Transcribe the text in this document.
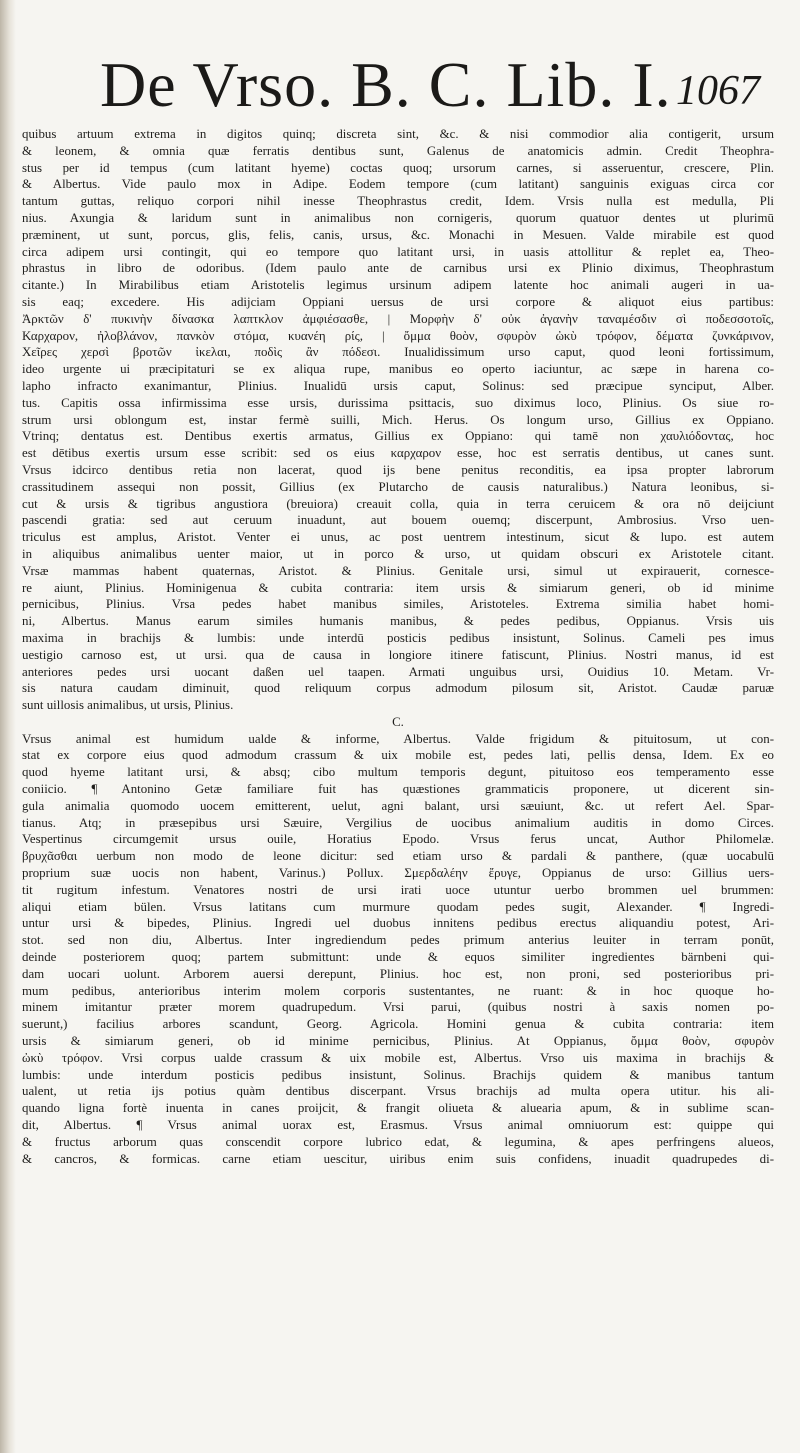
De Vrso. B. C. Lib. I. 1067
quibus artuum extrema in digitos quinq; discreta sint, &c. & nisi commodior alia contigerit, ursum
& leonem, & omnia quæ ferratis dentibus sunt, Galenus de anatomicis admin. Credit Theophra-
stus per id tempus (cum latitant hyeme) coctas quoq; ursorum carnes, si asseruentur, crescere, Plin.
& Albertus. Vide paulo mox in Adipe. Eodem tempore (cum latitant) sanguinis exiguas circa cor
tantum guttas, reliquo corpori nihil inesse Theophrastus credit, Idem. Vrsis nulla est medulla, Pli
nius. Axungia & laridum sunt in animalibus non cornigeris, quorum quatuor dentes ut plurimū
præminent, ut sunt, porcus, glis, felis, canis, ursus, &c. Monachi in Mesuen. Valde mirabile est quod
circa adipem ursi contingit, qui eo tempore quo latitant ursi, in uasis attollitur & replet ea, Theo-
phrastus in libro de odoribus. (Idem paulo ante de carnibus ursi ex Plinio diximus, Theophrastum
citante.) In Mirabilibus etiam Aristotelis legimus ursinum adipem latente hoc animali augeri in ua-
sis eaq; excedere. His adijciam Oppiani uersus de ursi corpore & aliquot eius partibus:
Ἀρκτῶν δ' πυκινὴν δίνασκα λαπτκλον ἀμφιέσασθε, | Μορφὴν δ' οὐκ ἀγανὴν ταναμέσδιν σὶ ποδεσσοτοῖς,
Καρχαρον, ἠλοβλάνον, πανκὸν στόμα, κυανέη ρίς, | ὄμμα θοὸν, σφυρὸν ὠκὺ τρόφον, δέματα ζυνκάρινον,
Χεῖρες χερσὶ βροτῶν ἰκελαι, ποδὶς ἂν πόδεσι. Inualidissimum urso caput, quod leoni fortissimum,
ideo urgente ui præcipitaturi se ex aliqua rupe, manibus eo operto iaciuntur, ac sæpe in harena co-
lapho infracto exanimantur, Plinius. Inualidū ursis caput, Solinus: sed præcipue synciput, Alber.
tus. Capitis ossa infirmissima esse ursis, durissima psittacis, suo diximus loco, Plinius. Os siue ro-
strum ursi oblongum est, instar fermè suilli, Mich. Herus. Os longum urso, Gillius ex Oppiano.
Vtrinq; dentatus est. Dentibus exertis armatus, Gillius ex Oppiano: qui tamē non χαυλιόδοντας, hoc
est dētibus exertis ursum esse scribit: sed os eius καρχαρον esse, hoc est serratis dentibus, ut canes sunt.
Vrsus idcirco dentibus retia non lacerat, quod ijs bene penitus reconditis, ea ipsa propter labrorum
crassitudinem assequi non possit, Gillius (ex Plutarcho de causis naturalibus.) Natura leonibus, si-
cut & ursis & tigribus angustiora (breuiora) creauit colla, quia in terra ceruicem & ora nō deijciunt
pascendi gratia: sed aut ceruum inuadunt, aut bouem ouemq; discerpunt, Ambrosius. Vrso uen-
triculus est amplus, Aristot. Venter ei unus, ac post uentrem intestinum, sicut & lupo. est autem
in aliquibus animalibus uenter maior, ut in porco & urso, ut quidam obscuri ex Aristotele citant.
Vrsæ mammas habent quaternas, Aristot. & Plinius. Genitale ursi, simul ut expirauerit, cornesce-
re aiunt, Plinius. Hominigenua & cubita contraria: item ursis & simiarum generi, ob id minime
pernicibus, Plinius. Vrsa pedes habet manibus similes, Aristoteles. Extrema similia habet homi-
ni, Albertus. Manus earum similes humanis manibus, & pedes pedibus, Oppianus. Vrsis uis
maxima in brachijs & lumbis: unde interdū posticis pedibus insistunt, Solinus. Cameli pes imus
uestigio carnoso est, ut ursi. qua de causa in longiore itinere fatiscunt, Plinius. Nostri manus, id est
anteriores pedes ursi uocant daßen uel taapen. Armati unguibus ursi, Ouidius 10. Metam. Vr-
sis natura caudam diminuit, quod reliquum corpus admodum pilosum sit, Aristot. Caudæ paruæ
sunt uillosis animalibus, ut ursis, Plinius.
C.
Vrsus animal est humidum ualde & informe, Albertus. Valde frigidum & pituitosum, ut con-
stat ex corpore eius quod admodum crassum & uix mobile est, pedes lati, pellis densa, Idem. Ex eo
quod hyeme latitant ursi, & absq; cibo multum temporis degunt, pituitoso eos temperamento esse
coniicio. ¶ Antonino Getæ familiare fuit has quæstiones grammaticis proponere, ut dicerent sin-
gula animalia quomodo uocem emitterent, uelut, agni balant, ursi sæuiunt, &c. ut refert Ael. Spar-
tianus. Atq; in præsepibus ursi Sæuire, Vergilius de uocibus animalium auditis in domo Circes.
Vespertinus circumgemit ursus ouile, Horatius Epodo. Vrsus ferus uncat, Author Philomelæ.
βρυχᾶσθαι uerbum non modo de leone dicitur: sed etiam urso & pardali & panthere, (quæ uocabulū
proprium suæ uocis non habent, Varinus.) Pollux. Σμερδαλέην ἔρυγε, Oppianus de urso: Gillius uers-
tit rugitum infestum. Venatores nostri de ursi irati uoce utuntur uerbo brommen uel brummen:
aliqui etiam bülen. Vrsus latitans cum murmure quodam pedes sugit, Alexander. ¶ Ingredi-
untur ursi & bipedes, Plinius. Ingredi uel duobus innitens pedibus erectus aliquandiu potest, Ari-
stot. sed non diu, Albertus. Inter ingrediendum pedes primum anterius leuiter in terram ponūt,
deinde posteriorem quoq; partem submittunt: unde & equos similiter ingredientes bärnbeni qui-
dam uocari uolunt. Arborem auersi derepunt, Plinius. hoc est, non proni, sed posterioribus pri-
mum pedibus, anterioribus interim molem corporis sustentantes, ne ruant: & in hoc quoque ho-
minem imitantur præter morem quadrupedum. Vrsi parui, (quibus nostri à saxis nomen po-
suerunt,) facilius arbores scandunt, Georg. Agricola. Homini genua & cubita contraria: item
ursis & simiarum generi, ob id minime pernicibus, Plinius. At Oppianus, ὄμμα θοὸν, σφυρὸν
ὠκὺ τρόφον. Vrsi corpus ualde crassum & uix mobile est, Albertus. Vrso uis maxima in brachijs &
lumbis: unde interdum posticis pedibus insistunt, Solinus. Brachijs quidem & manibus tantum
ualent, ut retia ijs potius quàm dentibus discerpant. Vrsus brachijs ad multa opera utitur. his ali-
quando ligna fortè inuenta in canes proijcit, & frangit oliueta & aluearia apum, & in sublime scan-
dit, Albertus. ¶ Vrsus animal uorax est, Erasmus. Vrsus animal omniuorum est: quippe qui
& fructus arborum quas conscendit corpore lubrico edat, & legumina, & apes perfringens alueos,
& cancros, & formicas. carne etiam uescitur, uiribus enim suis confidens, inuadit quadrupedes di-
